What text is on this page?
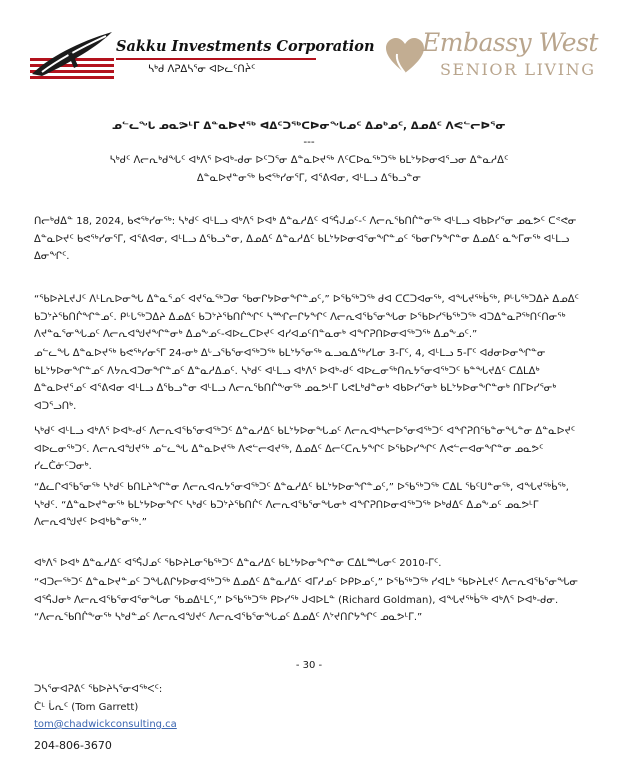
Sakku Investments Corporation
ᓴᒃᑯ ᐱᕈᐃᓴᕐᓂ ᐊᐅᓚᑦᑎᔩᑦ
Embassy West
SENIOR LIVING
ᓄᓪᓚᖓ ᓄᓇᕗᒻᒥ ᐃᓐᓇᐅᔪᖅ ᐊᐃᑦᑐᖅᑕᐅᓂᖓᓄᑦ ᐃᓄᒃᓄᑦ, ᐃᓄᐃᑦ ᐱᕙᓪᓕᐅᕐᓂ
---
ᓴᒃᑯᑦ ᐱᓕᕆᒃᑯᖓᑦ ᐊᒃᐱᕐ ᐅᐊᒃ-ᑯᓂ ᐅᑦᑐᕐᓂ ᐃᓐᓇᐅᔪᖅ ᐱᑦᑕᐅᓇᖅᑐᖅ ᑲᒪᔾᔭᐅᓂᐊᕐᓗᓂ ᐃᓐᓇᓱᐃᑦ
ᐃᓐᓇᐅᔪᓐᓂᖅ ᑲᕙᖅᓯᓂᕐᒥ, ᐊᕐᕕᐊᓂ, ᐊᒻᒪᓗ ᐃᖃᓗᓐᓂ

ᑎᓕᒃᑯᐃᓐ 18, 2024, ᑲᕙᖅᓯᓂᖅ: ᓴᒃᑯᑦ ᐊᒻᒪᓗ ᐊᒃᐱᕐ ᐅᐊᒃ ᐃᓐᓇᓱᐃᑦ ᐊᕐᕌᒍᓄᑦ-ᑦ ᐱᓕᕆᖃᑎᒌᓐᓂᖅ ᐊᒻᒪᓗ ᐊᑲᐅᓯᕐᓂ ᓄᓇᕗᑦ ᑕᕝᕙᓂ ᐃᓐᓇᐅᔪᑦ ᑲᕙᖅᓯᓂᕐᒥ, ᐊᕐᕕᐊᓂ, ᐊᒻᒪᓗ ᐃᖃᓗᓐᓂ, ᐃᓄᐃᑦ ᐃᓐᓇᓱᐃᑦ ᑲᒪᔾᔭᐅᓂᐊᕐᓂᖏᓐᓄᑦ ᖃᓂᒋᔭᖏᓐᓂ ᐃᓄᐃᑦ ᓇᖕᒥᓂᖅ ᐊᒻᒪᓗ ᐃᓂᖏᑦ.

“ᖃᐅᔨᒪᔪᒍᑦ ᐱᒻᒪᕆᐅᓂᖓ ᐃᓐᓇᕐᓄᑦ ᐊᔪᕐᓇᖅᑐᓂ ᖃᓂᒋᔭᐅᓂᖏᓐᓄᑦ,” ᐅᖃᖅᑐᖅ ᑯᐊ ᑕᑕᑐᐊᓂᖅ, ᐊᖓᔪᖅᑳᖅ, ᑭᒡᒐᖅᑐᐃᔨ ᐃᓄᐃᑦ ᑲᑐᔾᔨᖃᑎᒌᖏᓐᓄᑦ. ᑭᒡᒐᖅᑐᐃᔨ ᐃᓄᐃᑦ ᑲᑐᔾᔨᖃᑎᒌᖏᑦ ᓴᙱᓕᒋᔭᖏᑦ ᐱᓕᕆᐊᖃᕐᓂᖓᓂ ᐅᖃᐅᓯᖃᖅᑐᖅ ᐊᑐᐃᓐᓇᕈᖅᑎᑦᑎᓂᖅ ᐱᔪᓐᓇᕐᓂᖓᓄᑦ ᐱᓕᕆᐊᖑᔪᖏᓐᓂᒃ ᐃᓄᖕᓄᑦ-ᐊᐅᓚᑕᐅᔪᑦ ᐊᓯᐊᓄᑦᑎᓐᓇᓂᒃ ᐊᖏᕈᑎᐅᓂᐊᖅᑐᖅ ᐃᓄᖕᓄᑦ.”

ᓄᓪᓚᖓ ᐃᓐᓇᐅᔪᖅ ᑲᕙᖅᓯᓂᕐᒥ 24-ᓂᒃ ᐃᒡᓗᖃᕐᓂᐊᖅᑐᖅ ᑲᒪᔾᔭᕐᓂᖅ ᓇᓗᓇᐃᖅᓯᒪᓂ 3-ᒥᑦ, 4, ᐊᒻᒪᓗ 5-ᒥᑦ ᐊᑯᓂᐅᓂᖏᓐᓂ ᑲᒪᔾᔭᐅᓂᖏᓐᓄᑦ ᐱᔭᕆᐊᑐᓂᖏᓐᓄᑦ ᐃᓐᓇᓱᐃᓄᑦ. ᓴᒃᑯᑦ ᐊᒻᒪᓗ ᐊᒃᐱᕐ ᐅᐊᒃ-ᑯᑦ ᐊᐅᓚᓂᖅᑎᕆᔭᕐᓂᐊᖅᑐᑦ ᑲᓐᖓᔪᐃᑦ ᑕᐃᒪᐃᒃ ᐃᓐᓇᐅᔪᕐᓄᑦ ᐊᕐᕕᐊᓂ ᐊᒻᒪᓗ ᐃᖃᓗᓐᓂ ᐊᒻᒪᓗ ᐱᓕᕆᖃᑎᒌᖕᓂᖅ ᓄᓇᕗᒻᒥ ᒐᕙᒪᒃᑯᓐᓂᒃ ᐊᑲᐅᓯᕐᓂᒃ ᑲᒪᔾᔭᐅᓂᖏᓐᓂᒃ ᑎᒥᐅᓯᕐᓂᒃ ᐊᑐᕐᓗᑎᒃ.

ᓴᒃᑯᑦ ᐊᒻᒪᓗ ᐊᒃᐱᕐ ᐅᐊᒃ-ᑯᑦ ᐱᓕᕆᐊᖃᕐᓂᐊᖅᑐᑦ ᐃᓐᓇᓱᐃᑦ ᑲᒪᔾᔭᐅᓂᖓᓄᑦ ᐱᓕᕆᐊᒃᓴᓕᐅᕐᓂᐊᖅᑐᑦ ᐊᖏᕈᑎᖃᓐᓂᖓᓐᓂ ᐃᓐᓇᐅᔪᑦ ᐊᐅᓚᓂᖅᑐᑦ. ᐱᓕᕆᐊᖑᔪᖅ ᓄᓪᓚᖓ ᐃᓐᓇᐅᔪᖅ ᐱᕙᓪᓕᐊᔪᖅ, ᐃᓄᐃᑦ ᐃᓕᑦᑕᕆᔭᖏᑦ ᐅᖃᐅᓯᖏᑦ ᐱᕙᓪᓕᐊᓂᖏᓐᓂ ᓄᓇᕗᑦ ᓯᓚᑖᓃᑦᑐᓂᒃ.

“ᐃᓚᒋᐊᖃᕐᓂᖅ ᓴᒃᑯᑦ ᑲᑎᒪᔨᖏᓐᓂ ᐱᓕᕆᐊᕆᔭᕐᓂᐊᖅᑐᑦ ᐃᓐᓇᓱᐃᑦ ᑲᒪᔾᔭᐅᓂᖏᓐᓄᑦ,” ᐅᖃᖅᑐᖅ ᑕᐃᒪ ᖃᑦᑌᓐᓂᖅ, ᐊᖓᔪᖅᑳᖅ, ᓴᒃᑯᑦ. “ᐃᓐᓇᐅᔪᓐᓂᖅ ᑲᒪᔾᔭᐅᓂᖏᑦ ᓴᒃᑯᑦ ᑲᑐᔾᔨᖃᑎᒌᑦ ᐱᓕᕆᐊᖃᕐᓂᖓᓂᒃ ᐊᖏᕈᑎᐅᓂᐊᖅᑐᖅ ᐅᒃᑯᐃᑦ ᐃᓄᖕᓄᑦ ᓄᓇᕗᒻᒥ ᐱᓕᕆᐊᖑᔪᑦ ᐅᐊᒃᑲᓐᓂᖅ.”

ᐊᒃᐱᕐ ᐅᐊᒃ ᐃᓐᓇᓱᐃᑦ ᐊᕐᕌᒍᓄᑦ ᖃᐅᔨᒪᓂᖃᖅᑐᑦ ᐃᓐᓇᓱᐃᑦ ᑲᒪᔾᔭᐅᓂᖏᓐᓂ ᑕᐃᒪᙵᓂᑦ 2010-ᒥᑦ.

“ᐊᑐᓕᖅᑐᑦ ᐃᓐᓇᐅᔪᓐᓄᑦ ᑐᖓᕕᒋᔭᐅᓂᐊᖅᑐᖅ ᐃᓄᐃᑦ ᐃᓐᓇᓱᐃᑦ ᐊᒥᓱᓄᑦ ᐅᑭᐅᓄᑦ,” ᐅᖃᖅᑐᖅ ᓯᐊᒪᒃ ᖃᐅᔨᒪᔪᑦ ᐱᓕᕆᐊᖃᕐᓂᖓᓂ ᐊᕐᕌᒍᓂᒃ ᐱᓕᕆᐊᖃᕐᓂᐊᕐᓂᖓᓂ ᖃᓄᐃᒻᒪᑦ,” ᐅᖃᖅᑐᖅ ᑭᐅᓯᖅ ᒍᐊᐅᒪᓐ (Richard Goldman), ᐊᖓᔪᖅᑳᖅ ᐊᒃᐱᕐ ᐅᐊᒃ-ᑯᓂ. “ᐱᓕᕆᖃᑎᒌᖕᓂᖅ ᓴᒃᑯᓐᓄᑦ ᐱᓕᕆᐊᖑᔪᑦ ᐱᓕᕆᐊᖃᕐᓂᖓᓄᑦ ᐃᓄᐃᑦ ᐱᔾᔪᑎᒋᔭᖏᑦ ᓄᓇᕗᒻᒥ.”

- 30 -
ᑐᓴᕐᓂᐊᕈᕕᑦ ᖃᐅᔨᓴᕐᓂᐊᖅᐸᑦ:
ᑖᒻ ᒑᕆᑦ (Tom Garrett)
tom@chadwickconsulting.ca
204-806-3670
